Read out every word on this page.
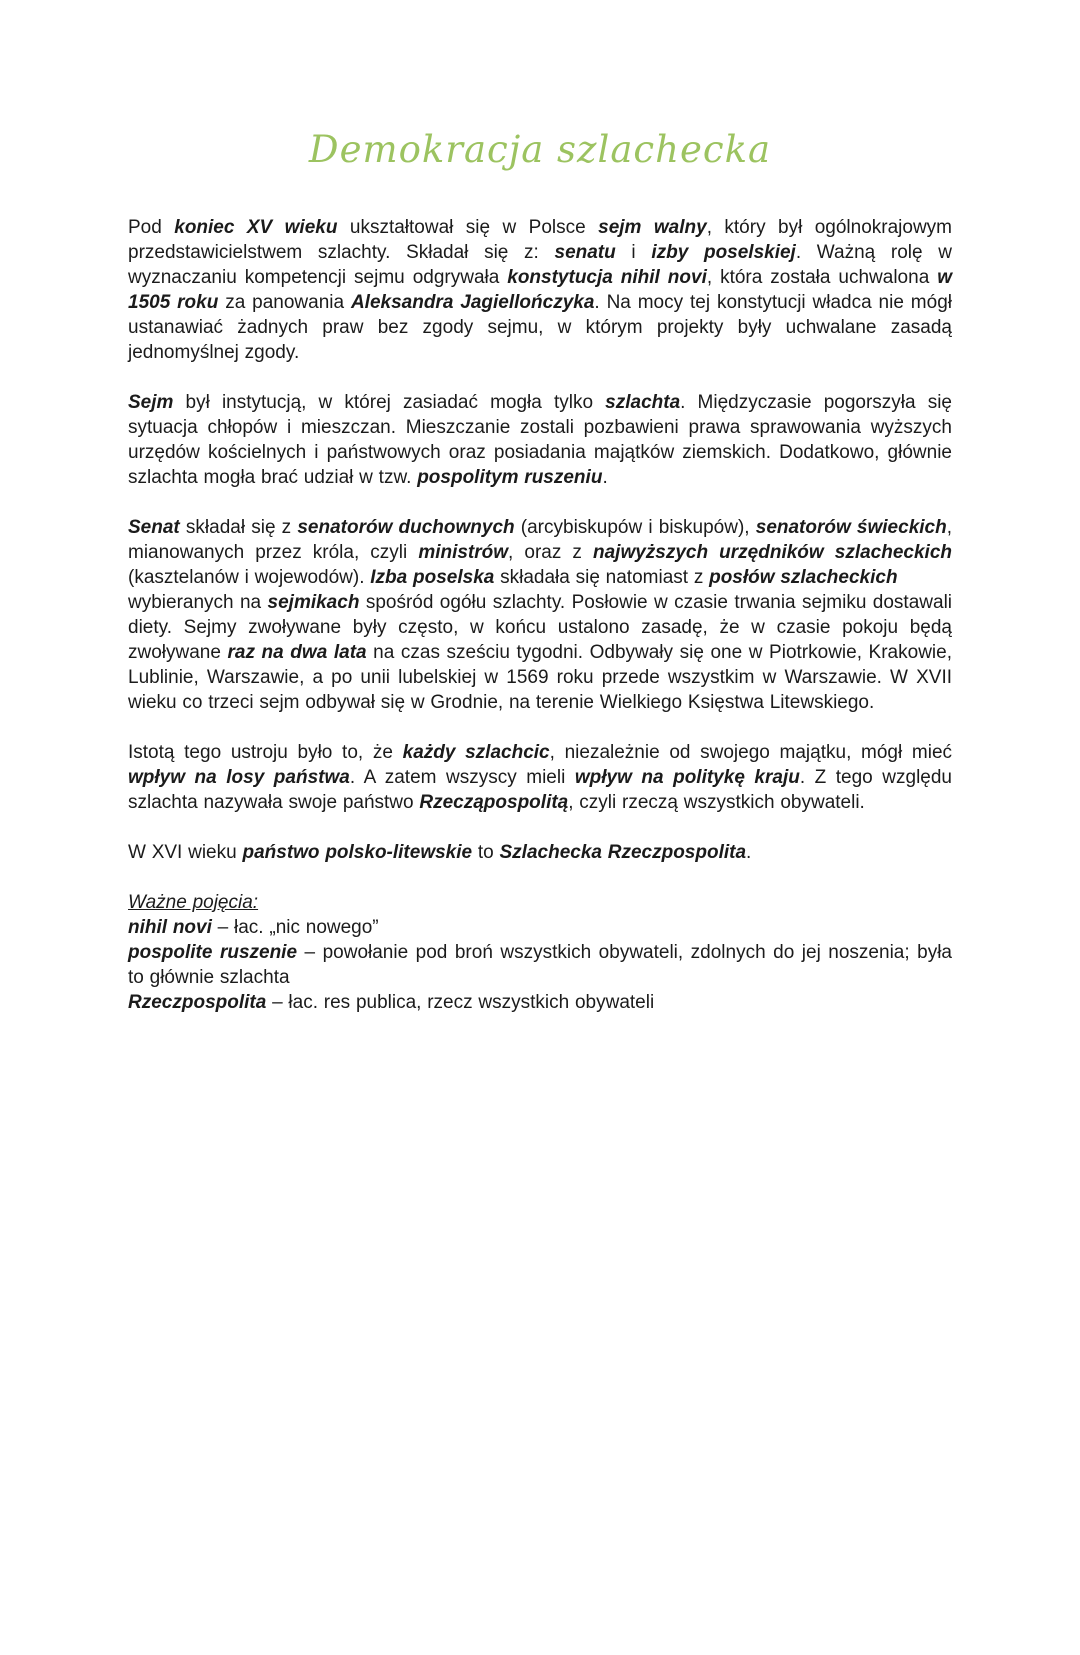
Demokracja szlachecka

Pod koniec XV wieku ukształtował się w Polsce sejm walny, który był ogólnokrajowym przedstawicielstwem szlachty. Składał się z: senatu i izby poselskiej. Ważną rolę w wyznaczaniu kompetencji sejmu odgrywała konstytucja nihil novi, która została uchwalona w 1505 roku za panowania Aleksandra Jagiellończyka. Na mocy tej konstytucji władca nie mógł ustanawiać żadnych praw bez zgody sejmu, w którym projekty były uchwalane zasadą jednomyślnej zgody.

Sejm był instytucją, w której zasiadać mogła tylko szlachta. Międzyczasie pogorszyła się sytuacja chłopów i mieszczan. Mieszczanie zostali pozbawieni prawa sprawowania wyższych urzędów kościelnych i państwowych oraz posiadania majątków ziemskich. Dodatkowo, głównie szlachta mogła brać udział w tzw. pospolitym ruszeniu.

Senat składał się z senatorów duchownych (arcybiskupów i biskupów), senatorów świeckich, mianowanych przez króla, czyli ministrów, oraz z najwyższych urzędników szlacheckich (kasztelanów i wojewodów). Izba poselska składała się natomiast z posłów szlacheckich
wybieranych na sejmikach spośród ogółu szlachty. Posłowie w czasie trwania sejmiku dostawali diety. Sejmy zwoływane były często, w końcu ustalono zasadę, że w czasie pokoju będą zwoływane raz na dwa lata na czas sześciu tygodni. Odbywały się one w Piotrkowie, Krakowie, Lublinie, Warszawie, a po unii lubelskiej w 1569 roku przede wszystkim w Warszawie. W XVII wieku co trzeci sejm odbywał się w Grodnie, na terenie Wielkiego Księstwa Litewskiego.

Istotą tego ustroju było to, że każdy szlachcic, niezależnie od swojego majątku, mógł mieć wpływ na losy państwa. A zatem wszyscy mieli wpływ na politykę kraju. Z tego względu szlachta nazywała swoje państwo Rzecząpospolitą, czyli rzeczą wszystkich obywateli.

W XVI wieku państwo polsko-litewskie to Szlachecka Rzeczpospolita.

Ważne pojęcia:

nihil novi – łac. „nic nowego”

pospolite ruszenie – powołanie pod broń wszystkich obywateli, zdolnych do jej noszenia; była to głównie szlachta

Rzeczpospolita – łac. res publica, rzecz wszystkich obywateli
